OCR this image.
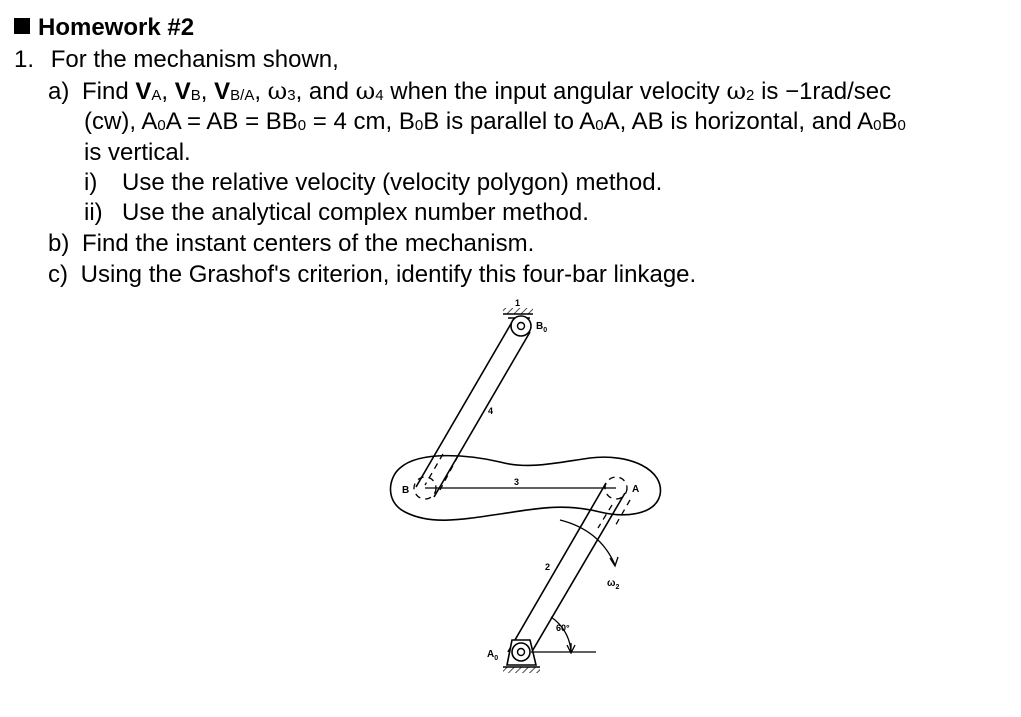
Homework #2
1. For the mechanism shown,
a) Find VA, VB, VB/A, ω3, and ω4 when the input angular velocity ω2 is −1rad/sec
(cw), A0A = AB = BB0 = 4 cm, B0B is parallel to A0A, AB is horizontal, and A0B0
is vertical.
i) Use the relative velocity (velocity polygon) method.
ii) Use the analytical complex number method.
b) Find the instant centers of the mechanism.
c) Using the Grashof's criterion, identify this four-bar linkage.
$B_0$
$A_0$
A
B
1
2
3
4
$\omega_2$
60°
